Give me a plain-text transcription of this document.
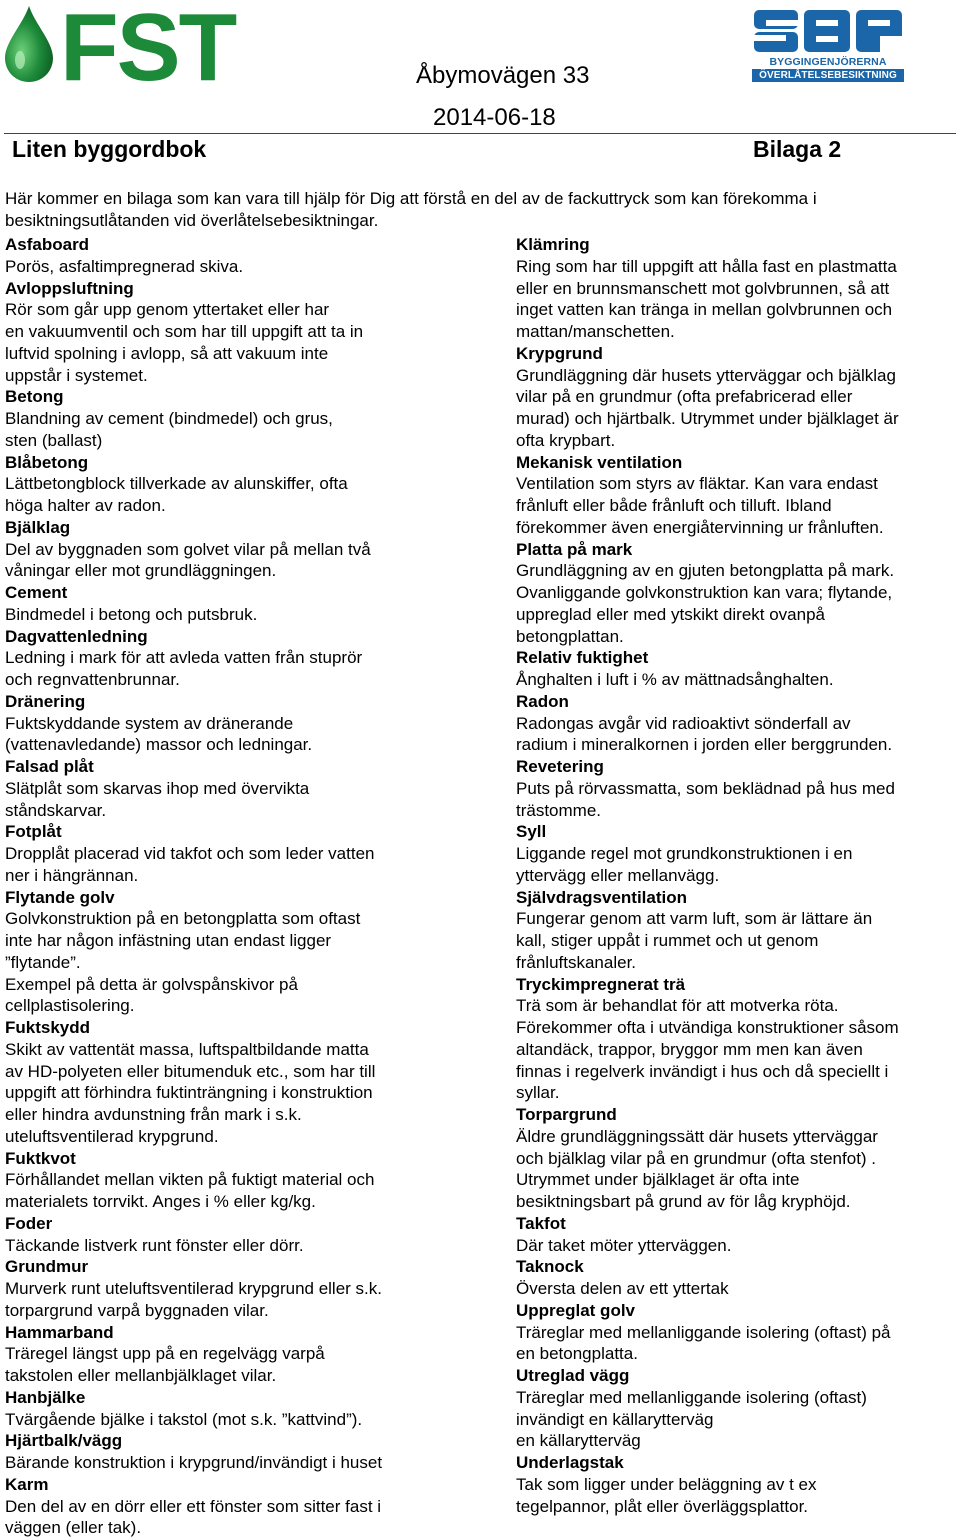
FST	BYGGINGENJÖRERNA
ÖVERLÅTELSEBESIKTNING
Åbymovägen 33
2014-06-18
Liten byggordbok	Bilaga 2

Här kommer en bilaga som kan vara till hjälp för Dig att förstå en del av de fackuttryck som kan förekomma i besiktningsutlåtanden vid överlåtelsebesiktningar.

Asfaboard
Porös, asfaltimpregnerad skiva.
Avloppsluftning
Rör som går upp genom yttertaket eller har
en vakuumventil och som har till uppgift att ta in
luftvid spolning i avlopp, så att vakuum inte
uppstår i systemet.
Betong
Blandning av cement (bindmedel) och grus,
sten (ballast)
Blåbetong
Lättbetongblock tillverkade av alunskiffer, ofta
höga halter av radon.
Bjälklag
Del av byggnaden som golvet vilar på mellan två
våningar eller mot grundläggningen.
Cement
Bindmedel i betong och putsbruk.
Dagvattenledning
Ledning i mark för att avleda vatten från stuprör
och regnvattenbrunnar.
Dränering
Fuktskyddande system av dränerande
(vattenavledande) massor och ledningar.
Falsad plåt
Slätplåt som skarvas ihop med övervikta
ståndskarvar.
Fotplåt
Dropplåt placerad vid takfot och som leder vatten
ner i hängrännan.
Flytande golv
Golvkonstruktion på en betongplatta som oftast
inte har någon infästning utan endast ligger
”flytande”.
Exempel på detta är golvspånskivor på
cellplastisolering.
Fuktskydd
Skikt av vattentät massa, luftspaltbildande matta
av HD-polyeten eller bitumenduk etc., som har till
uppgift att förhindra fuktinträngning i konstruktion
eller hindra avdunstning från mark i s.k.
uteluftsventilerad krypgrund.
Fuktkvot
Förhållandet mellan vikten på fuktigt material och
materialets torrvikt. Anges i % eller kg/kg.
Foder
Täckande listverk runt fönster eller dörr.
Grundmur
Murverk runt uteluftsventilerad krypgrund eller s.k.
torpargrund varpå byggnaden vilar.
Hammarband
Träregel längst upp på en regelvägg varpå
takstolen eller mellanbjälklaget vilar.
Hanbjälke
Tvärgående bjälke i takstol (mot s.k. ”kattvind”).
Hjärtbalk/vägg
Bärande konstruktion i krypgrund/invändigt i huset
Karm
Den del av en dörr eller ett fönster som sitter fast i
väggen (eller tak).
Klämring
Ring som har till uppgift att hålla fast en plastmatta
eller en brunnsmanschett mot golvbrunnen, så att
inget vatten kan tränga in mellan golvbrunnen och
mattan/manschetten.
Krypgrund
Grundläggning där husets ytterväggar och bjälklag
vilar på en grundmur (ofta prefabricerad eller
murad) och hjärtbalk. Utrymmet under bjälklaget är
ofta krypbart.
Mekanisk ventilation
Ventilation som styrs av fläktar. Kan vara endast
frånluft eller både frånluft och tilluft. Ibland
förekommer även energiåtervinning ur frånluften.
Platta på mark
Grundläggning av en gjuten betongplatta på mark.
Ovanliggande golvkonstruktion kan vara; flytande,
uppreglad eller med ytskikt direkt ovanpå
betongplattan.
Relativ fuktighet
Ånghalten i luft i % av mättnadsånghalten.
Radon
Radongas avgår vid radioaktivt sönderfall av
radium i mineralkornen i jorden eller berggrunden.
Revetering
Puts på rörvassmatta, som beklädnad på hus med
trästomme.
Syll
Liggande regel mot grundkonstruktionen i en
yttervägg eller mellanvägg.
Självdragsventilation
Fungerar genom att varm luft, som är lättare än
kall, stiger uppåt i rummet och ut genom
frånluftskanaler.
Tryckimpregnerat trä
Trä som är behandlat för att motverka röta.
Förekommer ofta i utvändiga konstruktioner såsom
altandäck, trappor, bryggor mm men kan även
finnas i regelverk invändigt i hus och då speciellt i
syllar.
Torpargrund
Äldre grundläggningssätt där husets ytterväggar
och bjälklag vilar på en grundmur (ofta stenfot) .
Utrymmet under bjälklaget är ofta inte
besiktningsbart på grund av för låg kryphöjd.
Takfot
Där taket möter ytterväggen.
Taknock
Översta delen av ett yttertak
Uppreglat golv
Träreglar med mellanliggande isolering (oftast) på
en betongplatta.
Utreglad vägg
Träreglar med mellanliggande isolering (oftast)
invändigt en källarytterväg
en källarytterväg
Underlagstak
Tak som ligger under beläggning av t ex
tegelpannor, plåt eller överläggsplattor.
